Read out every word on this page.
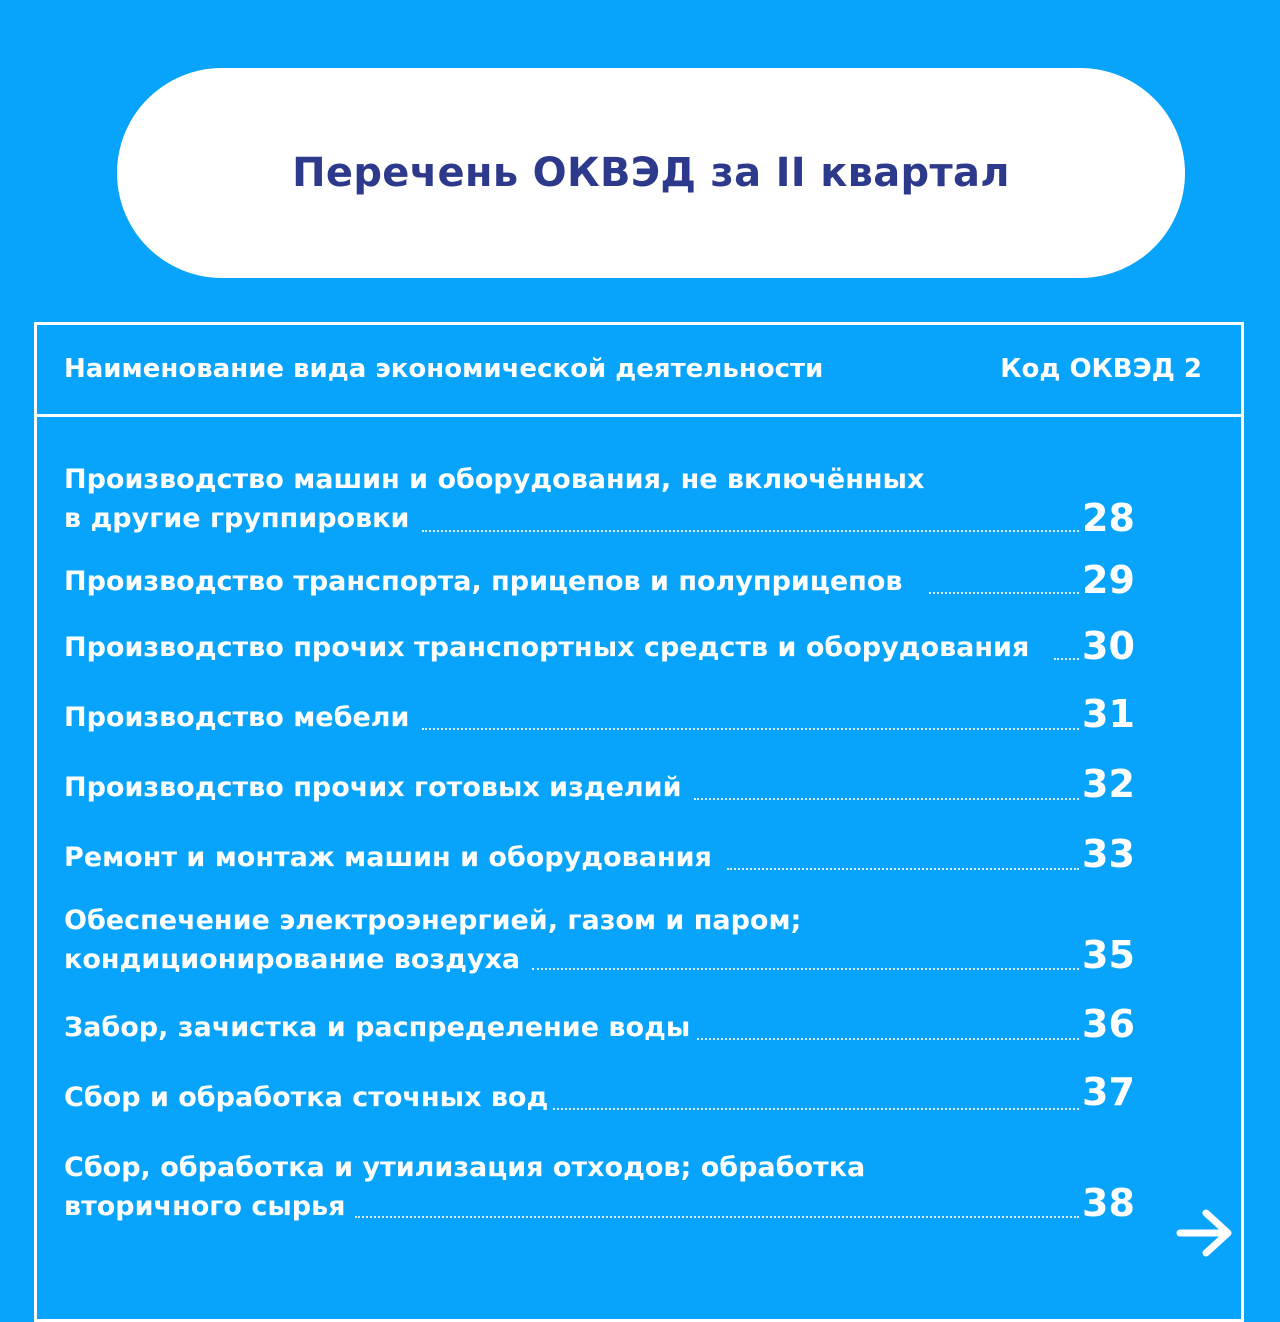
Перечень ОКВЭД за II квартал
Наименование вида экономической деятельности	Код ОКВЭД 2
Производство машин и оборудования, не включённых
в другие группировки	28
Производство транспорта, прицепов и полуприцепов	29
Производство прочих транспортных средств и оборудования 30
Производство мебели	31
Производство прочих готовых изделий	32
Ремонт и монтаж машин и оборудования	33
Обеспечение электроэнергией, газом и паром;
кондиционирование воздуха	35
Забор, зачистка и распределение воды	36
Сбор и обработка сточных вод	37
Сбор, обработка и утилизация отходов; обработка
вторичного сырья	38
